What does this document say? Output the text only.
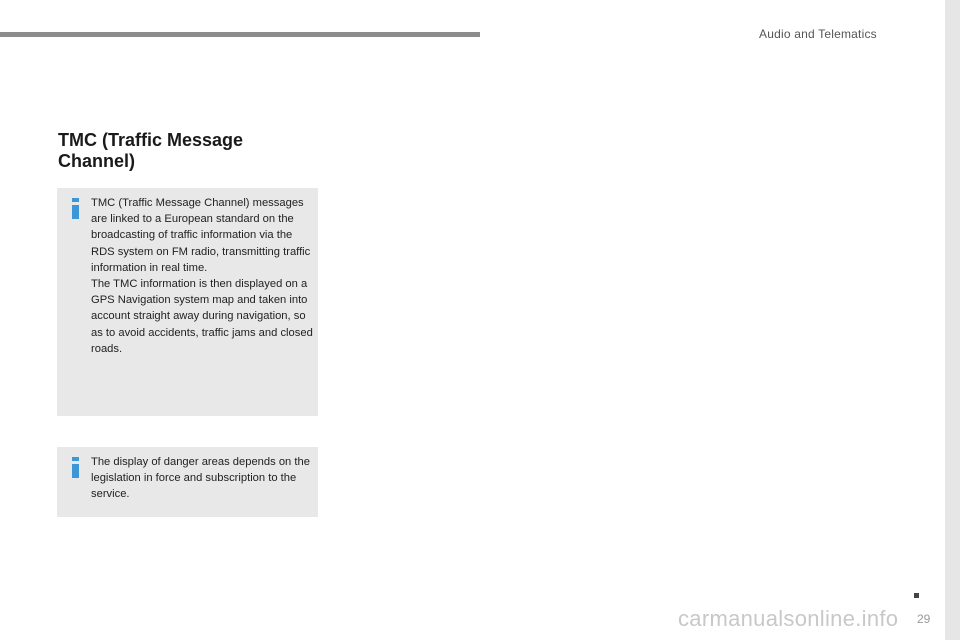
Audio and Telematics
TMC (Traffic Message
Channel)

TMC (Traffic Message Channel) messages are linked to a European standard on the broadcasting of traffic information via the RDS system on FM radio, transmitting traffic information in real time.
The TMC information is then displayed on a GPS Navigation system map and taken into account straight away during navigation, so as to avoid accidents, traffic jams and closed roads.

The display of danger areas depends on the legislation in force and subscription to the service.

carmanualsonline.info 29
